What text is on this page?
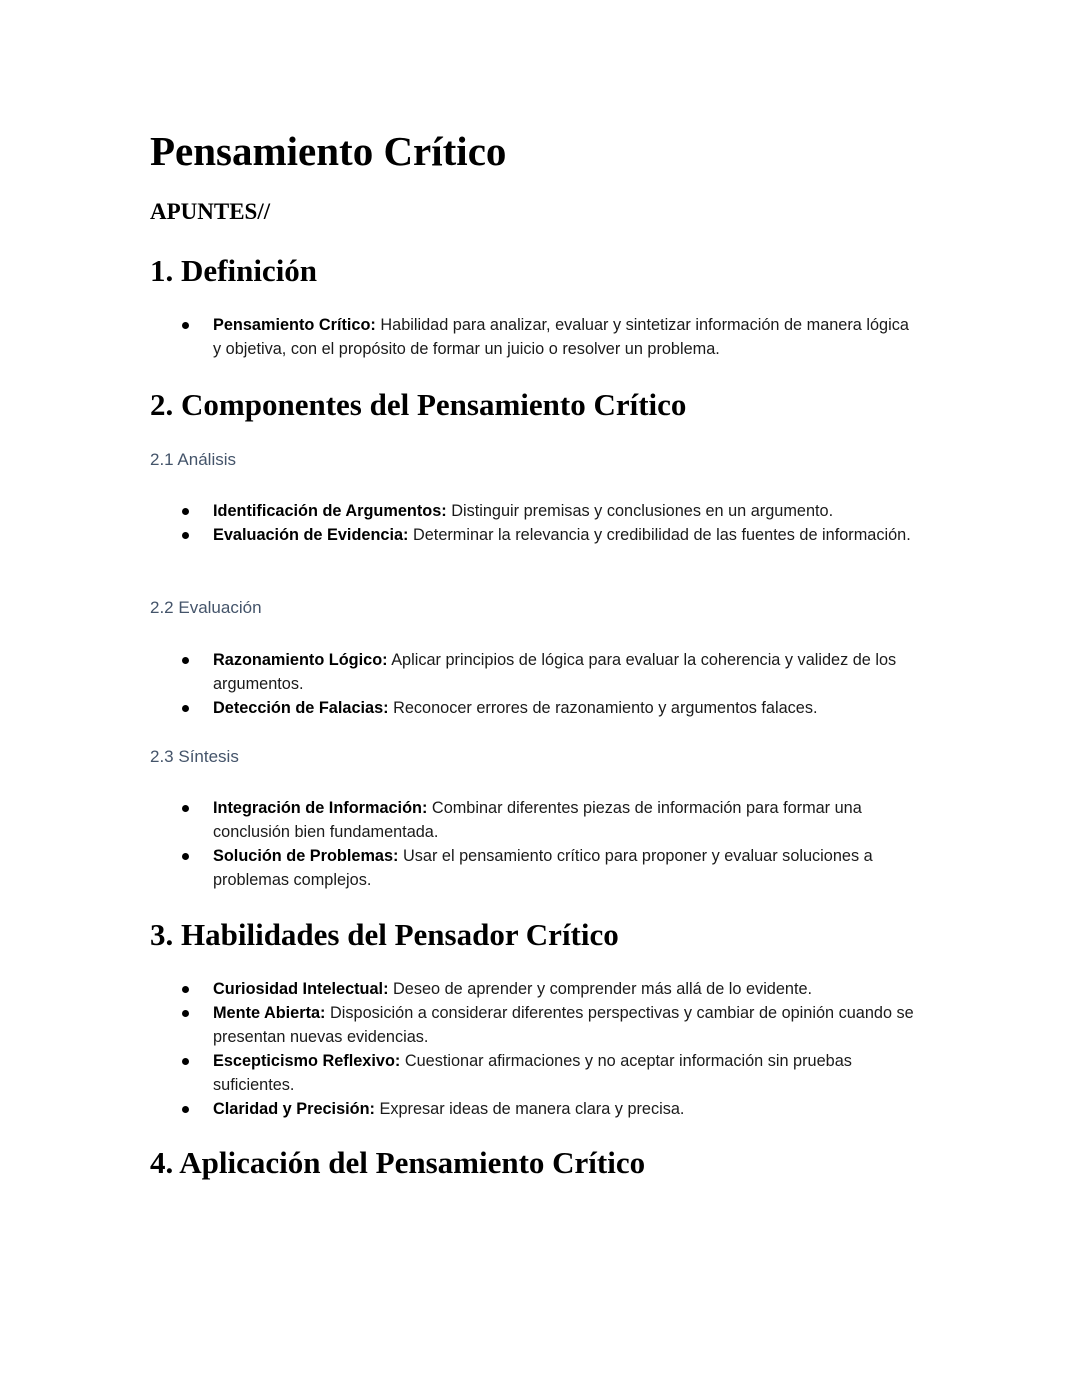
Pensamiento Crítico
APUNTES//
1. Definición
Pensamiento Crítico: Habilidad para analizar, evaluar y sintetizar información de manera lógica y objetiva, con el propósito de formar un juicio o resolver un problema.
2. Componentes del Pensamiento Crítico
2.1 Análisis
Identificación de Argumentos: Distinguir premisas y conclusiones en un argumento.
Evaluación de Evidencia: Determinar la relevancia y credibilidad de las fuentes de información.
2.2 Evaluación
Razonamiento Lógico: Aplicar principios de lógica para evaluar la coherencia y validez de los argumentos.
Detección de Falacias: Reconocer errores de razonamiento y argumentos falaces.
2.3 Síntesis
Integración de Información: Combinar diferentes piezas de información para formar una conclusión bien fundamentada.
Solución de Problemas: Usar el pensamiento crítico para proponer y evaluar soluciones a problemas complejos.
3. Habilidades del Pensador Crítico
Curiosidad Intelectual: Deseo de aprender y comprender más allá de lo evidente.
Mente Abierta: Disposición a considerar diferentes perspectivas y cambiar de opinión cuando se presentan nuevas evidencias.
Escepticismo Reflexivo: Cuestionar afirmaciones y no aceptar información sin pruebas suficientes.
Claridad y Precisión: Expresar ideas de manera clara y precisa.
4. Aplicación del Pensamiento Crítico
